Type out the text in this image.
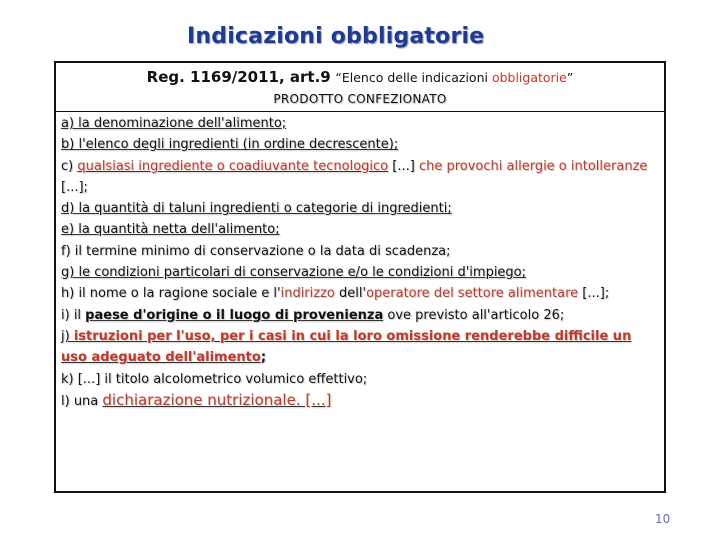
Indicazioni obbligatorie
Reg. 1169/2011, art.9 “Elenco delle indicazioni obbligatorie”
PRODOTTO CONFEZIONATO

a) la denominazione dell'alimento;

b) l'elenco degli ingredienti (in ordine decrescente);

c) qualsiasi ingrediente o coadiuvante tecnologico [...] che provochi allergie o intolleranze [...];

d) la quantità di taluni ingredienti o categorie di ingredienti;

e) la quantità netta dell'alimento;

f) il termine minimo di conservazione o la data di scadenza;

g) le condizioni particolari di conservazione e/o le condizioni d'impiego;

h) il nome o la ragione sociale e l'indirizzo dell'operatore del settore alimentare [...];

i) il paese d'origine o il luogo di provenienza ove previsto all'articolo 26;

j) istruzioni per l'uso, per i casi in cui la loro omissione renderebbe difficile un uso adeguato dell'alimento;

k) [...] il titolo alcolometrico volumico effettivo;

l) una dichiarazione nutrizionale. [...]

10
